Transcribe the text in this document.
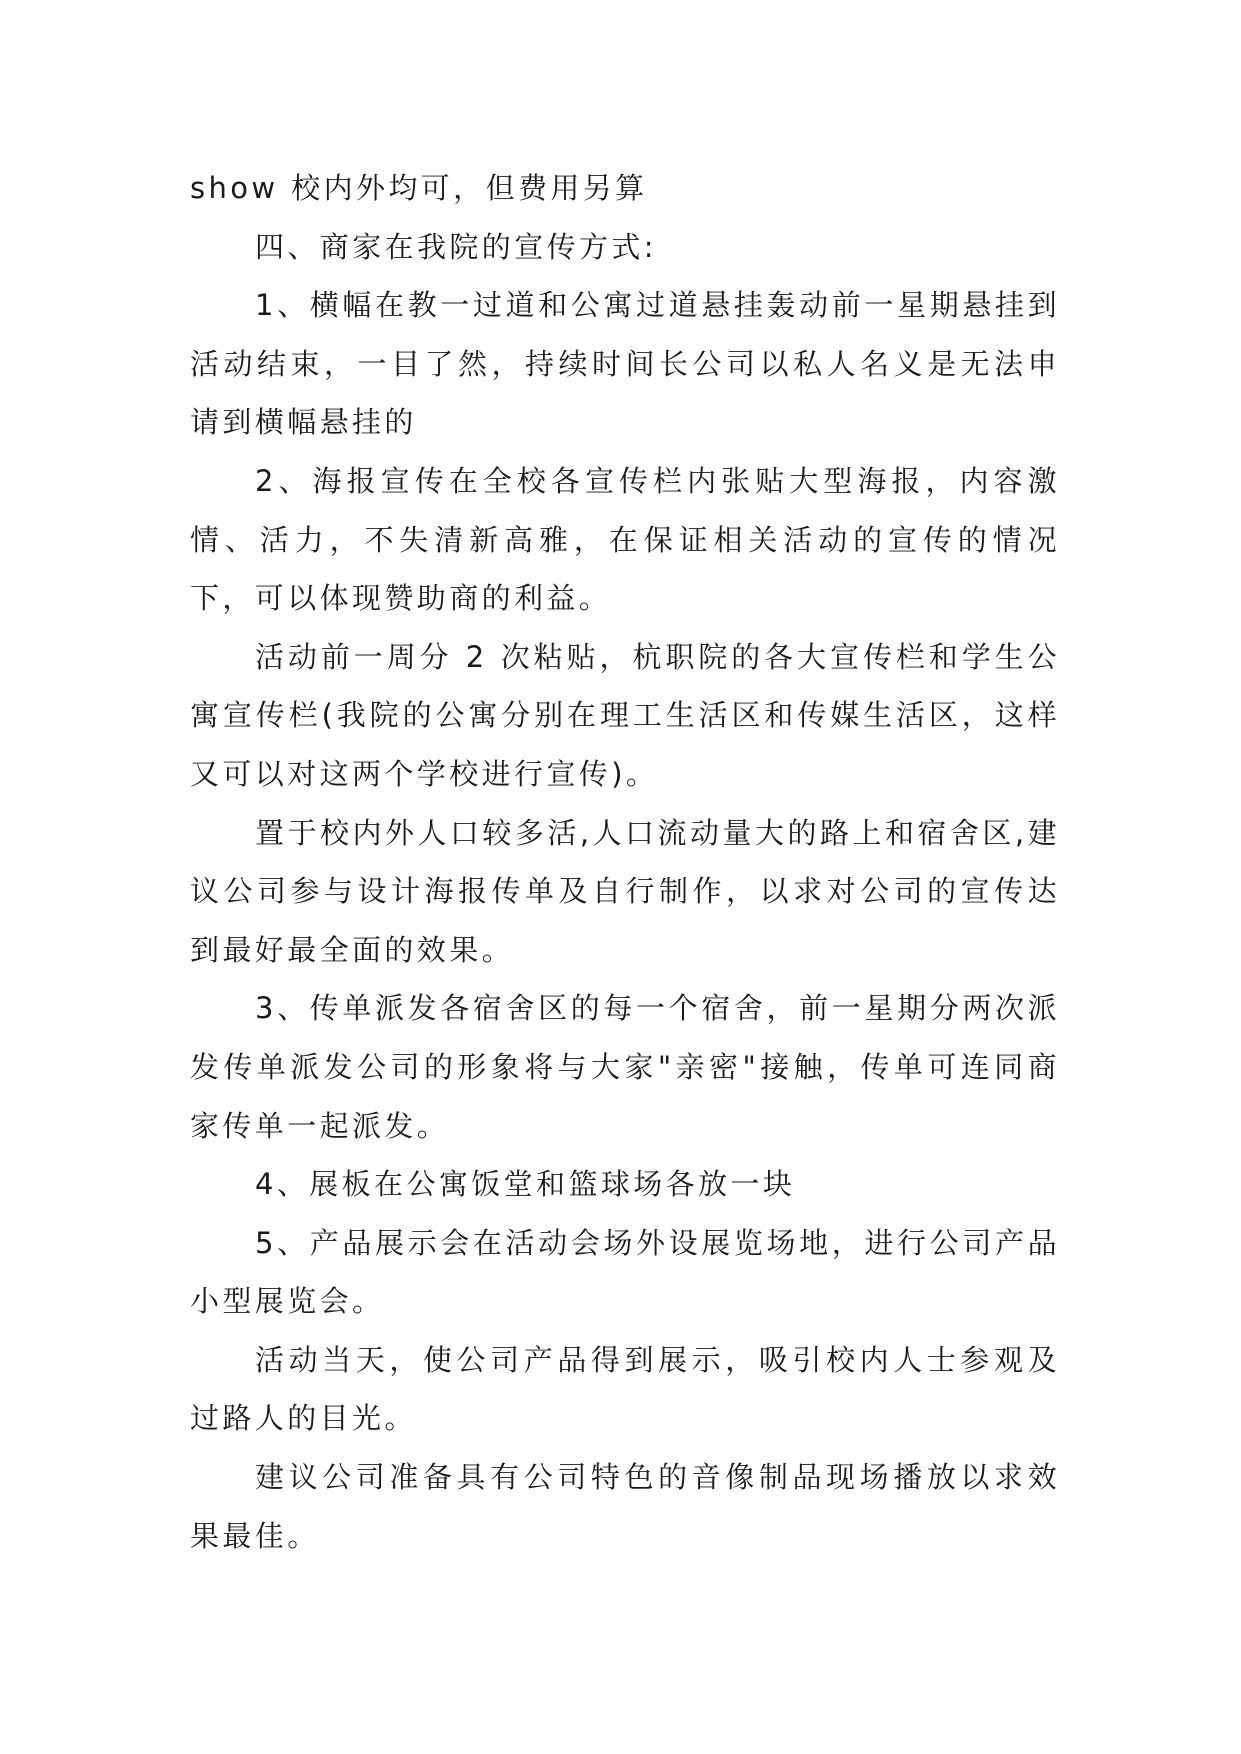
show 校内外均可，但费用另算

四、商家在我院的宣传方式:

1、横幅在教一过道和公寓过道悬挂轰动前一星期悬挂到活动结束，一目了然，持续时间长公司以私人名义是无法申请到横幅悬挂的

2、海报宣传在全校各宣传栏内张贴大型海报，内容激情、活力，不失清新高雅，在保证相关活动的宣传的情况下，可以体现赞助商的利益。

活动前一周分 2 次粘贴，杭职院的各大宣传栏和学生公寓宣传栏(我院的公寓分别在理工生活区和传媒生活区，这样又可以对这两个学校进行宣传)。

置于校内外人口较多活,人口流动量大的路上和宿舍区,建议公司参与设计海报传单及自行制作，以求对公司的宣传达到最好最全面的效果。

3、传单派发各宿舍区的每一个宿舍，前一星期分两次派发传单派发公司的形象将与大家"亲密"接触，传单可连同商家传单一起派发。

4、展板在公寓饭堂和篮球场各放一块

5、产品展示会在活动会场外设展览场地，进行公司产品小型展览会。

活动当天，使公司产品得到展示，吸引校内人士参观及过路人的目光。

建议公司准备具有公司特色的音像制品现场播放以求效果最佳。
